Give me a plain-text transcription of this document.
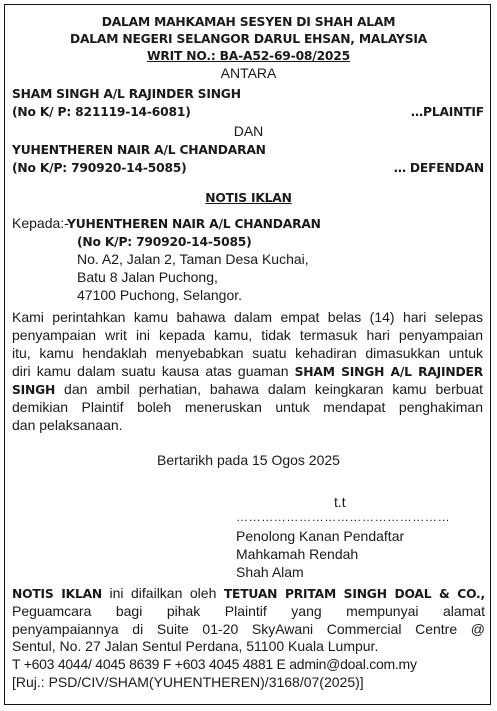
DALAM MAHKAMAH SESYEN DI SHAH ALAM
DALAM NEGERI SELANGOR DARUL EHSAN, MALAYSIA
WRIT NO.: BA-A52-69-08/2025
ANTARA
SHAM SINGH A/L RAJINDER SINGH
(No K/ P: 821119-14-6081)	…PLAINTIF
DAN
YUHENTHEREN NAIR A/L CHANDARAN
(No K/P: 790920-14-5085)	… DEFENDAN
NOTIS IKLAN
Kepada:-
YUHENTHEREN NAIR A/L CHANDARAN
(No K/P: 790920-14-5085)
No. A2, Jalan 2, Taman Desa Kuchai,
Batu 8 Jalan Puchong,
47100 Puchong, Selangor.
Kami perintahkan kamu bahawa dalam empat belas (14) hari selepas
penyampaian writ ini kepada kamu, tidak termasuk hari penyampaian
itu, kamu hendaklah menyebabkan suatu kehadiran dimasukkan untuk
diri kamu dalam suatu kausa atas guaman SHAM SINGH A/L RAJINDER
SINGH dan ambil perhatian, bahawa dalam keingkaran kamu berbuat
demikian Plaintif boleh meneruskan untuk mendapat penghakiman
dan pelaksanaan.
Bertarikh pada 15 Ogos 2025
t.t
……………………………………………
Penolong Kanan Pendaftar
Mahkamah Rendah
Shah Alam
NOTIS IKLAN ini difailkan oleh TETUAN PRITAM SINGH DOAL & CO.,
Peguamcara bagi pihak Plaintif yang mempunyai alamat
penyampaiannya di Suite 01-20 SkyAwani Commercial Centre @
Sentul, No. 27 Jalan Sentul Perdana, 51100 Kuala Lumpur.
T +603 4044/ 4045 8639 F +603 4045 4881 E admin@doal.com.my
[Ruj.: PSD/CIV/SHAM(YUHENTHEREN)/3168/07(2025)]
